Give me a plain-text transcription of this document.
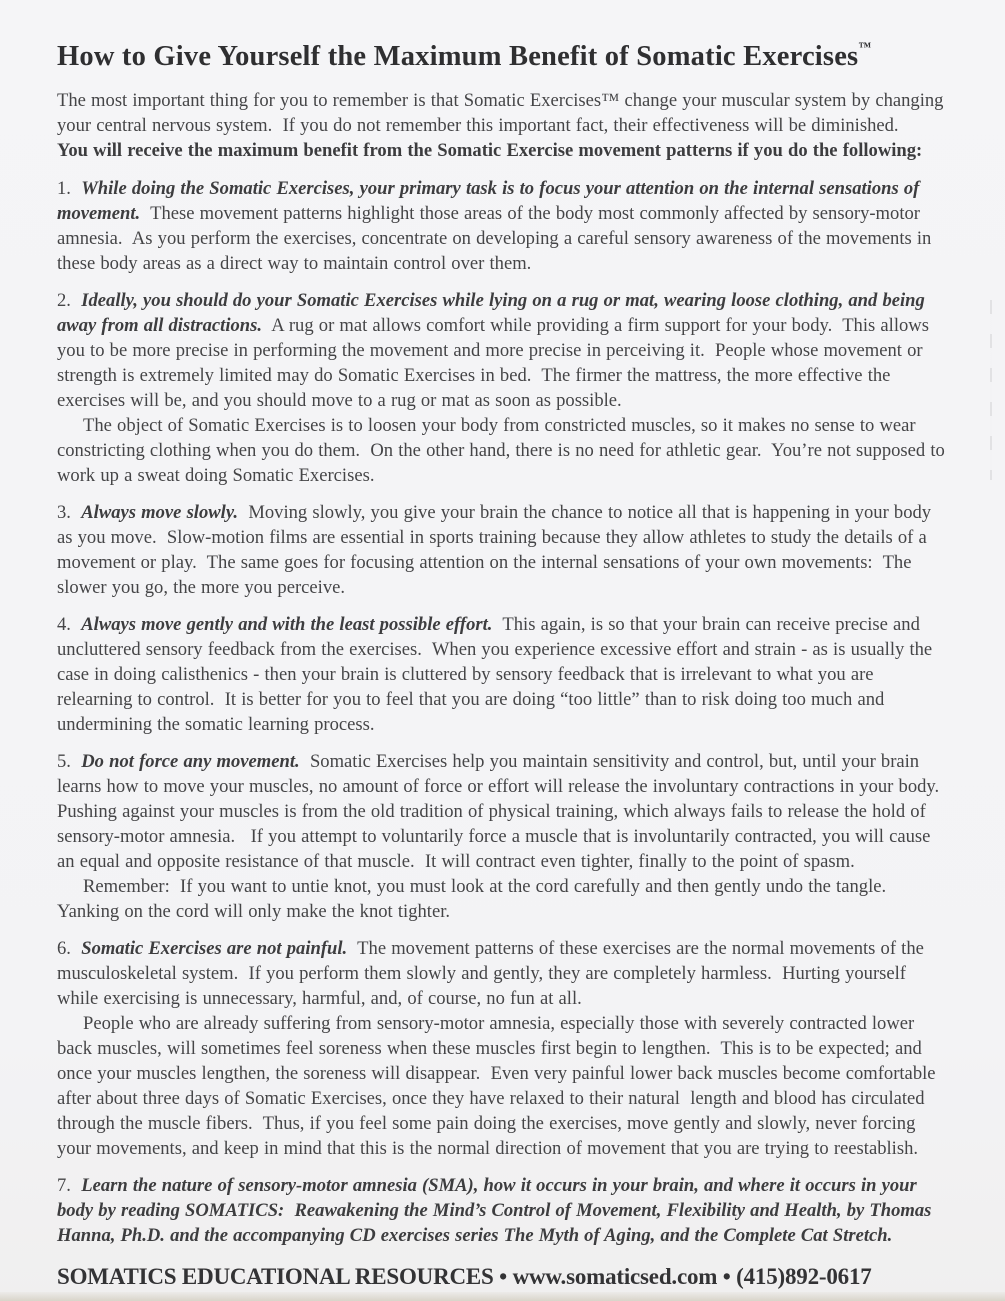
How to Give Yourself the Maximum Benefit of Somatic Exercises™

The most important thing for you to remember is that Somatic Exercises™ change your muscular system by changing your central nervous system.  If you do not remember this important fact, their effectiveness will be diminished.
You will receive the maximum benefit from the Somatic Exercise movement patterns if you do the following:

1. While doing the Somatic Exercises, your primary task is to focus your attention on the internal sensations of movement.  These movement patterns highlight those areas of the body most commonly affected by sensory-motor amnesia.  As you perform the exercises, concentrate on developing a careful sensory awareness of the movements in these body areas as a direct way to maintain control over them.

2. Ideally, you should do your Somatic Exercises while lying on a rug or mat, wearing loose clothing, and being away from all distractions.  A rug or mat allows comfort while providing a firm support for your body.  This allows you to be more precise in performing the movement and more precise in perceiving it.  People whose movement or strength is extremely limited may do Somatic Exercises in bed.  The firmer the mattress, the more effective the exercises will be, and you should move to a rug or mat as soon as possible.

The object of Somatic Exercises is to loosen your body from constricted muscles, so it makes no sense to wear constricting clothing when you do them.  On the other hand, there is no need for athletic gear.  You’re not supposed to work up a sweat doing Somatic Exercises.

3. Always move slowly.  Moving slowly, you give your brain the chance to notice all that is happening in your body as you move.  Slow-motion films are essential in sports training because they allow athletes to study the details of a movement or play.  The same goes for focusing attention on the internal sensations of your own movements:  The slower you go, the more you perceive.

4. Always move gently and with the least possible effort.  This again, is so that your brain can receive precise and uncluttered sensory feedback from the exercises.  When you experience excessive effort and strain - as is usually the case in doing calisthenics - then your brain is cluttered by sensory feedback that is irrelevant to what you are relearning to control.  It is better for you to feel that you are doing “too little” than to risk doing too much and undermining the somatic learning process.

5. Do not force any movement.  Somatic Exercises help you maintain sensitivity and control, but, until your brain learns how to move your muscles, no amount of force or effort will release the involuntary contractions in your body.  Pushing against your muscles is from the old tradition of physical training, which always fails to release the hold of sensory-motor amnesia.   If you attempt to voluntarily force a muscle that is involuntarily contracted, you will cause an equal and opposite resistance of that muscle.  It will contract even tighter, finally to the point of spasm.

Remember:  If you want to untie knot, you must look at the cord carefully and then gently undo the tangle.  Yanking on the cord will only make the knot tighter.

6. Somatic Exercises are not painful.  The movement patterns of these exercises are the normal movements of the musculoskeletal system.  If you perform them slowly and gently, they are completely harmless.  Hurting yourself while exercising is unnecessary, harmful, and, of course, no fun at all.

People who are already suffering from sensory-motor amnesia, especially those with severely contracted lower back muscles, will sometimes feel soreness when these muscles first begin to lengthen.  This is to be expected; and once your muscles lengthen, the soreness will disappear.  Even very painful lower back muscles become comfortable after about three days of Somatic Exercises, once they have relaxed to their natural  length and blood has circulated through the muscle fibers.  Thus, if you feel some pain doing the exercises, move gently and slowly, never forcing your movements, and keep in mind that this is the normal direction of movement that you are trying to reestablish.

7. Learn the nature of sensory-motor amnesia (SMA), how it occurs in your brain, and where it occurs in your body by reading SOMATICS:  Reawakening the Mind’s Control of Movement, Flexibility and Health, by Thomas Hanna, Ph.D. and the accompanying CD exercises series The Myth of Aging, and the Complete Cat Stretch.

SOMATICS EDUCATIONAL RESOURCES • www.somaticsed.com • (415)892-0617
